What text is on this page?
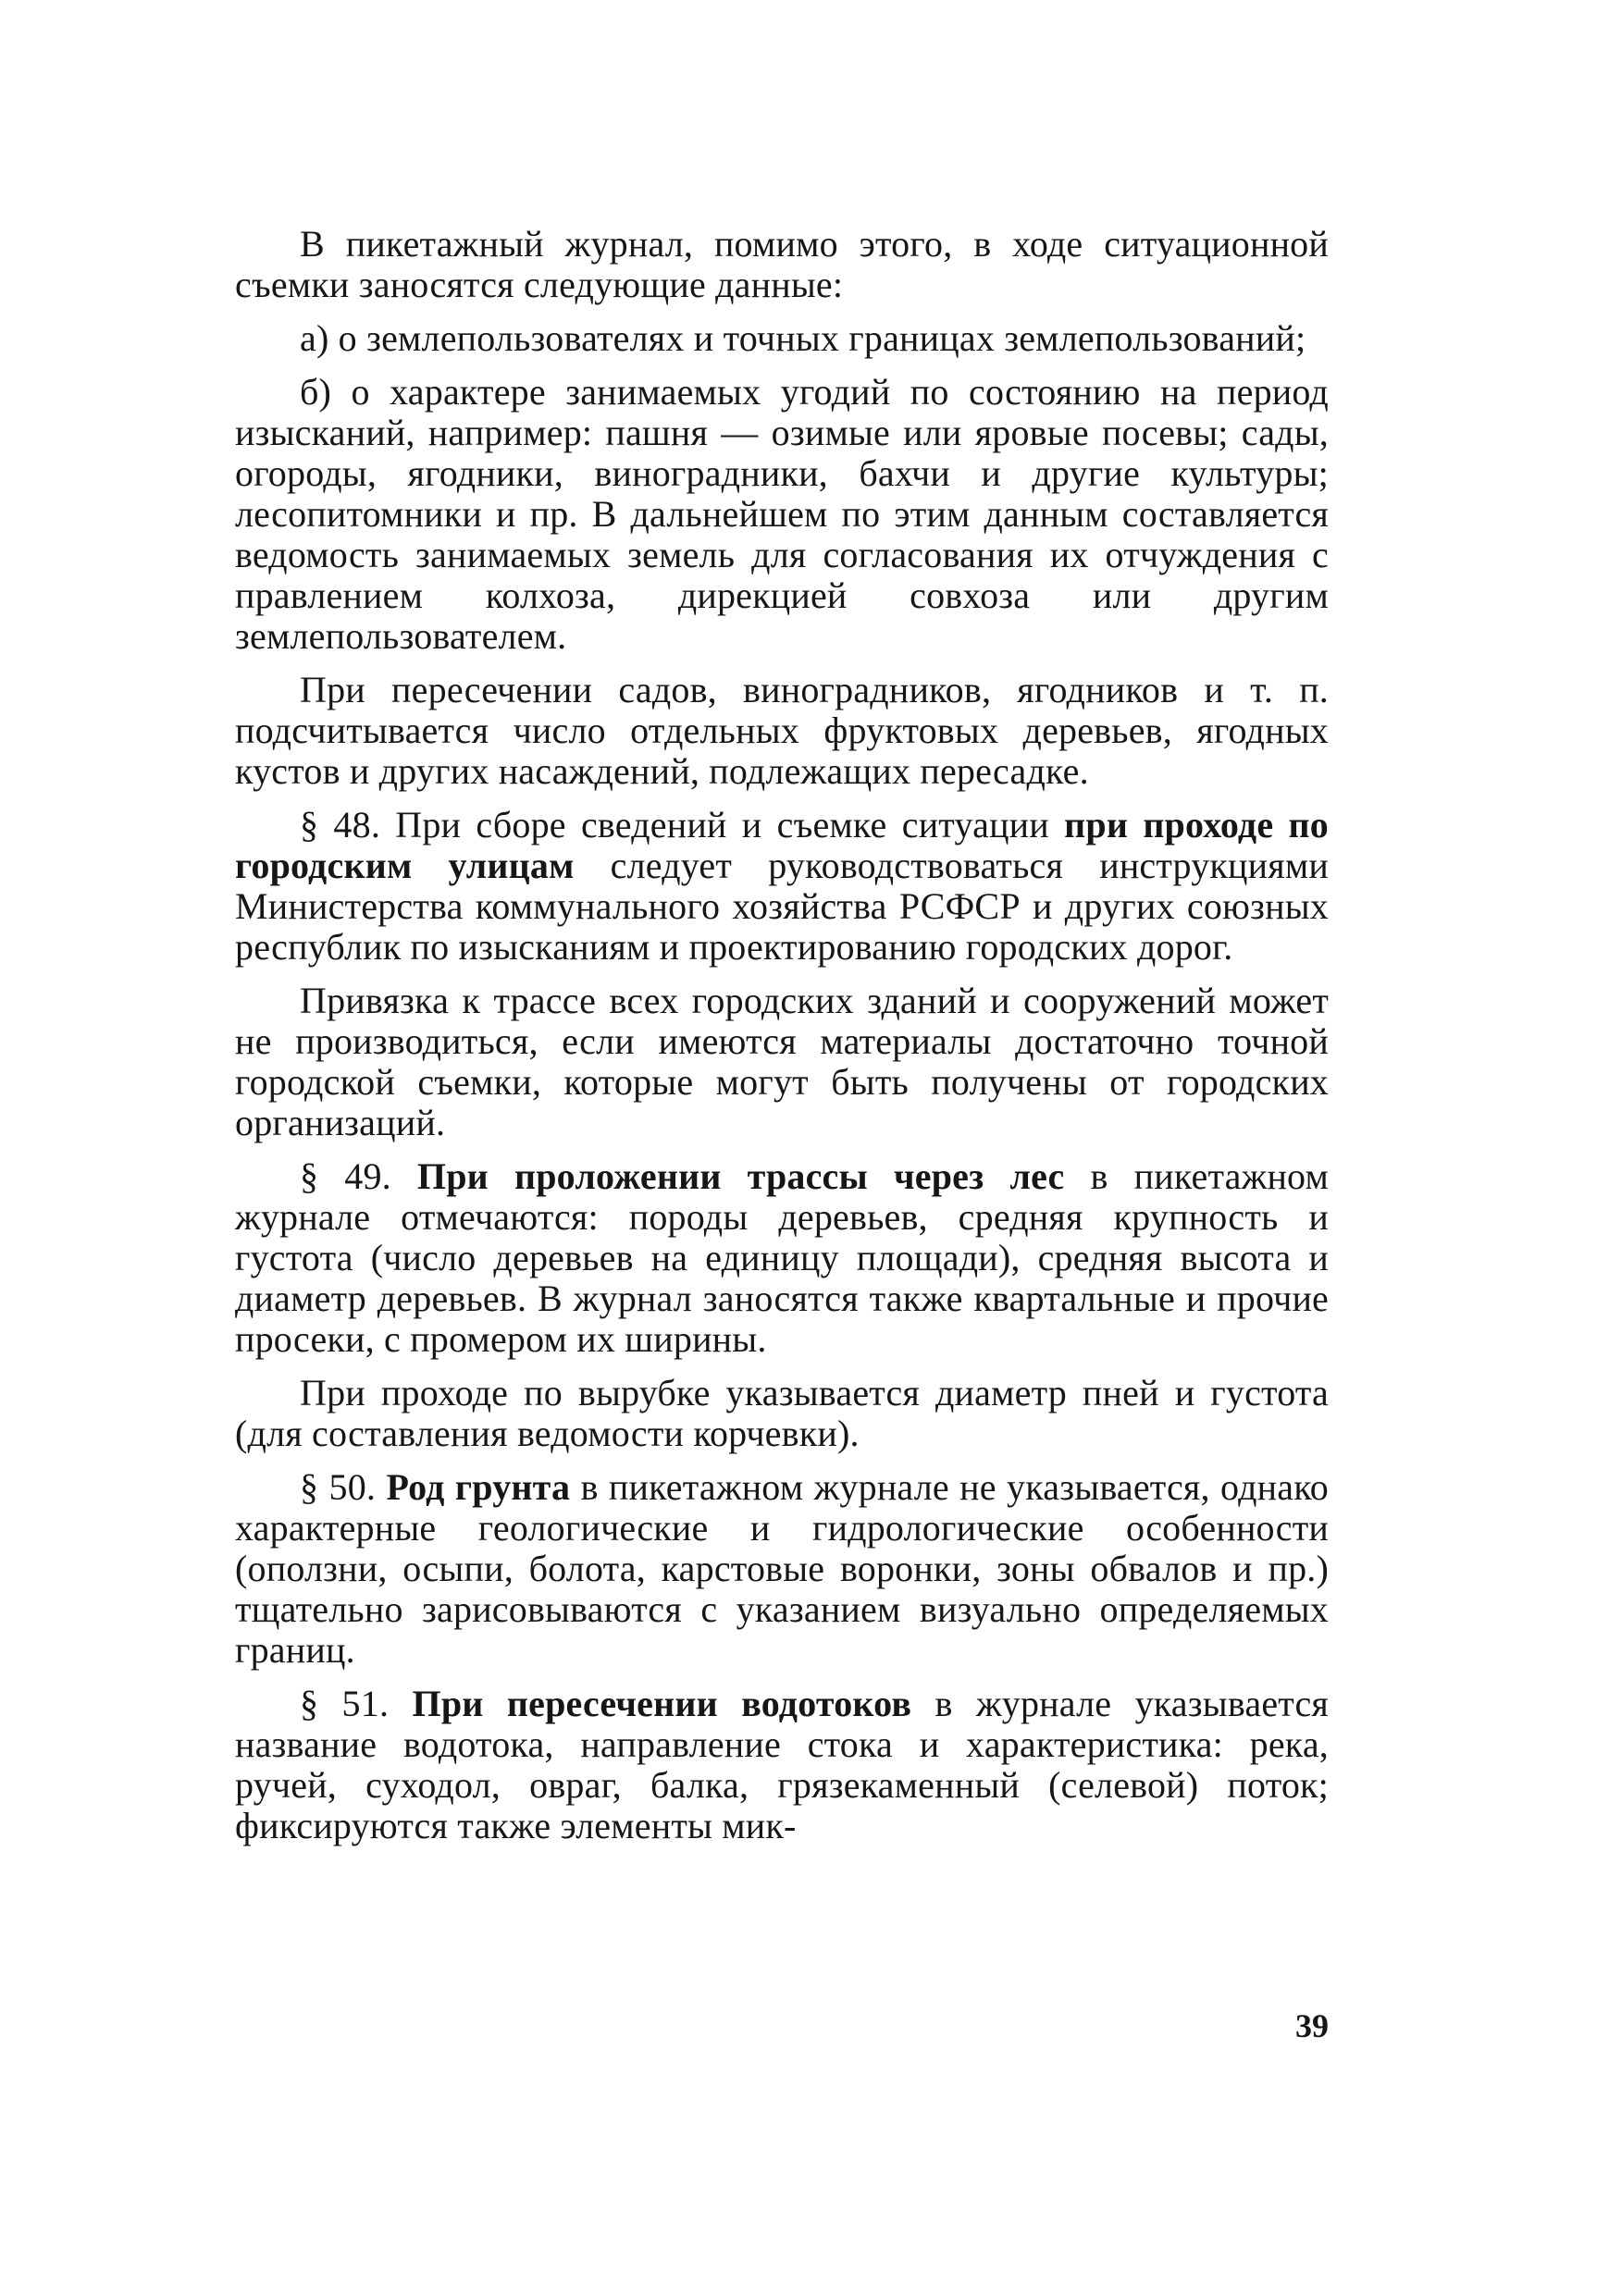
В пикетажный журнал, помимо этого, в ходе ситуационной съемки заносятся следующие данные:

а) о землепользователях и точных границах землепользований;

б) о характере занимаемых угодий по состоянию на период изысканий, например: пашня — озимые или яровые посевы; сады, огороды, ягодники, виноградники, бахчи и другие культуры; лесопитомники и пр. В дальнейшем по этим данным составляется ведомость занимаемых земель для согласования их отчуждения с правлением колхоза, дирекцией совхоза или другим землепользователем.

При пересечении садов, виноградников, ягодников и т. п. подсчитывается число отдельных фруктовых деревьев, ягодных кустов и других насаждений, подлежащих пересадке.

§ 48. При сборе сведений и съемке ситуации при проходе по городским улицам следует руководствоваться инструкциями Министерства коммунального хозяйства РСФСР и других союзных республик по изысканиям и проектированию городских дорог.

Привязка к трассе всех городских зданий и сооружений может не производиться, если имеются материалы достаточно точной городской съемки, которые могут быть получены от городских организаций.

§ 49. При проложении трассы через лес в пикетажном журнале отмечаются: породы деревьев, средняя крупность и густота (число деревьев на единицу площади), средняя высота и диаметр деревьев. В журнал заносятся также квартальные и прочие просеки, с промером их ширины.

При проходе по вырубке указывается диаметр пней и густота (для составления ведомости корчевки).

§ 50. Род грунта в пикетажном журнале не указывается, однако характерные геологические и гидрологические особенности (оползни, осыпи, болота, карстовые воронки, зоны обвалов и пр.) тщательно зарисовываются с указанием визуально определяемых границ.

§ 51. При пересечении водотоков в журнале указывается название водотока, направление стока и характеристика: река, ручей, суходол, овраг, балка, грязекаменный (селевой) поток; фиксируются также элементы мик-

39
